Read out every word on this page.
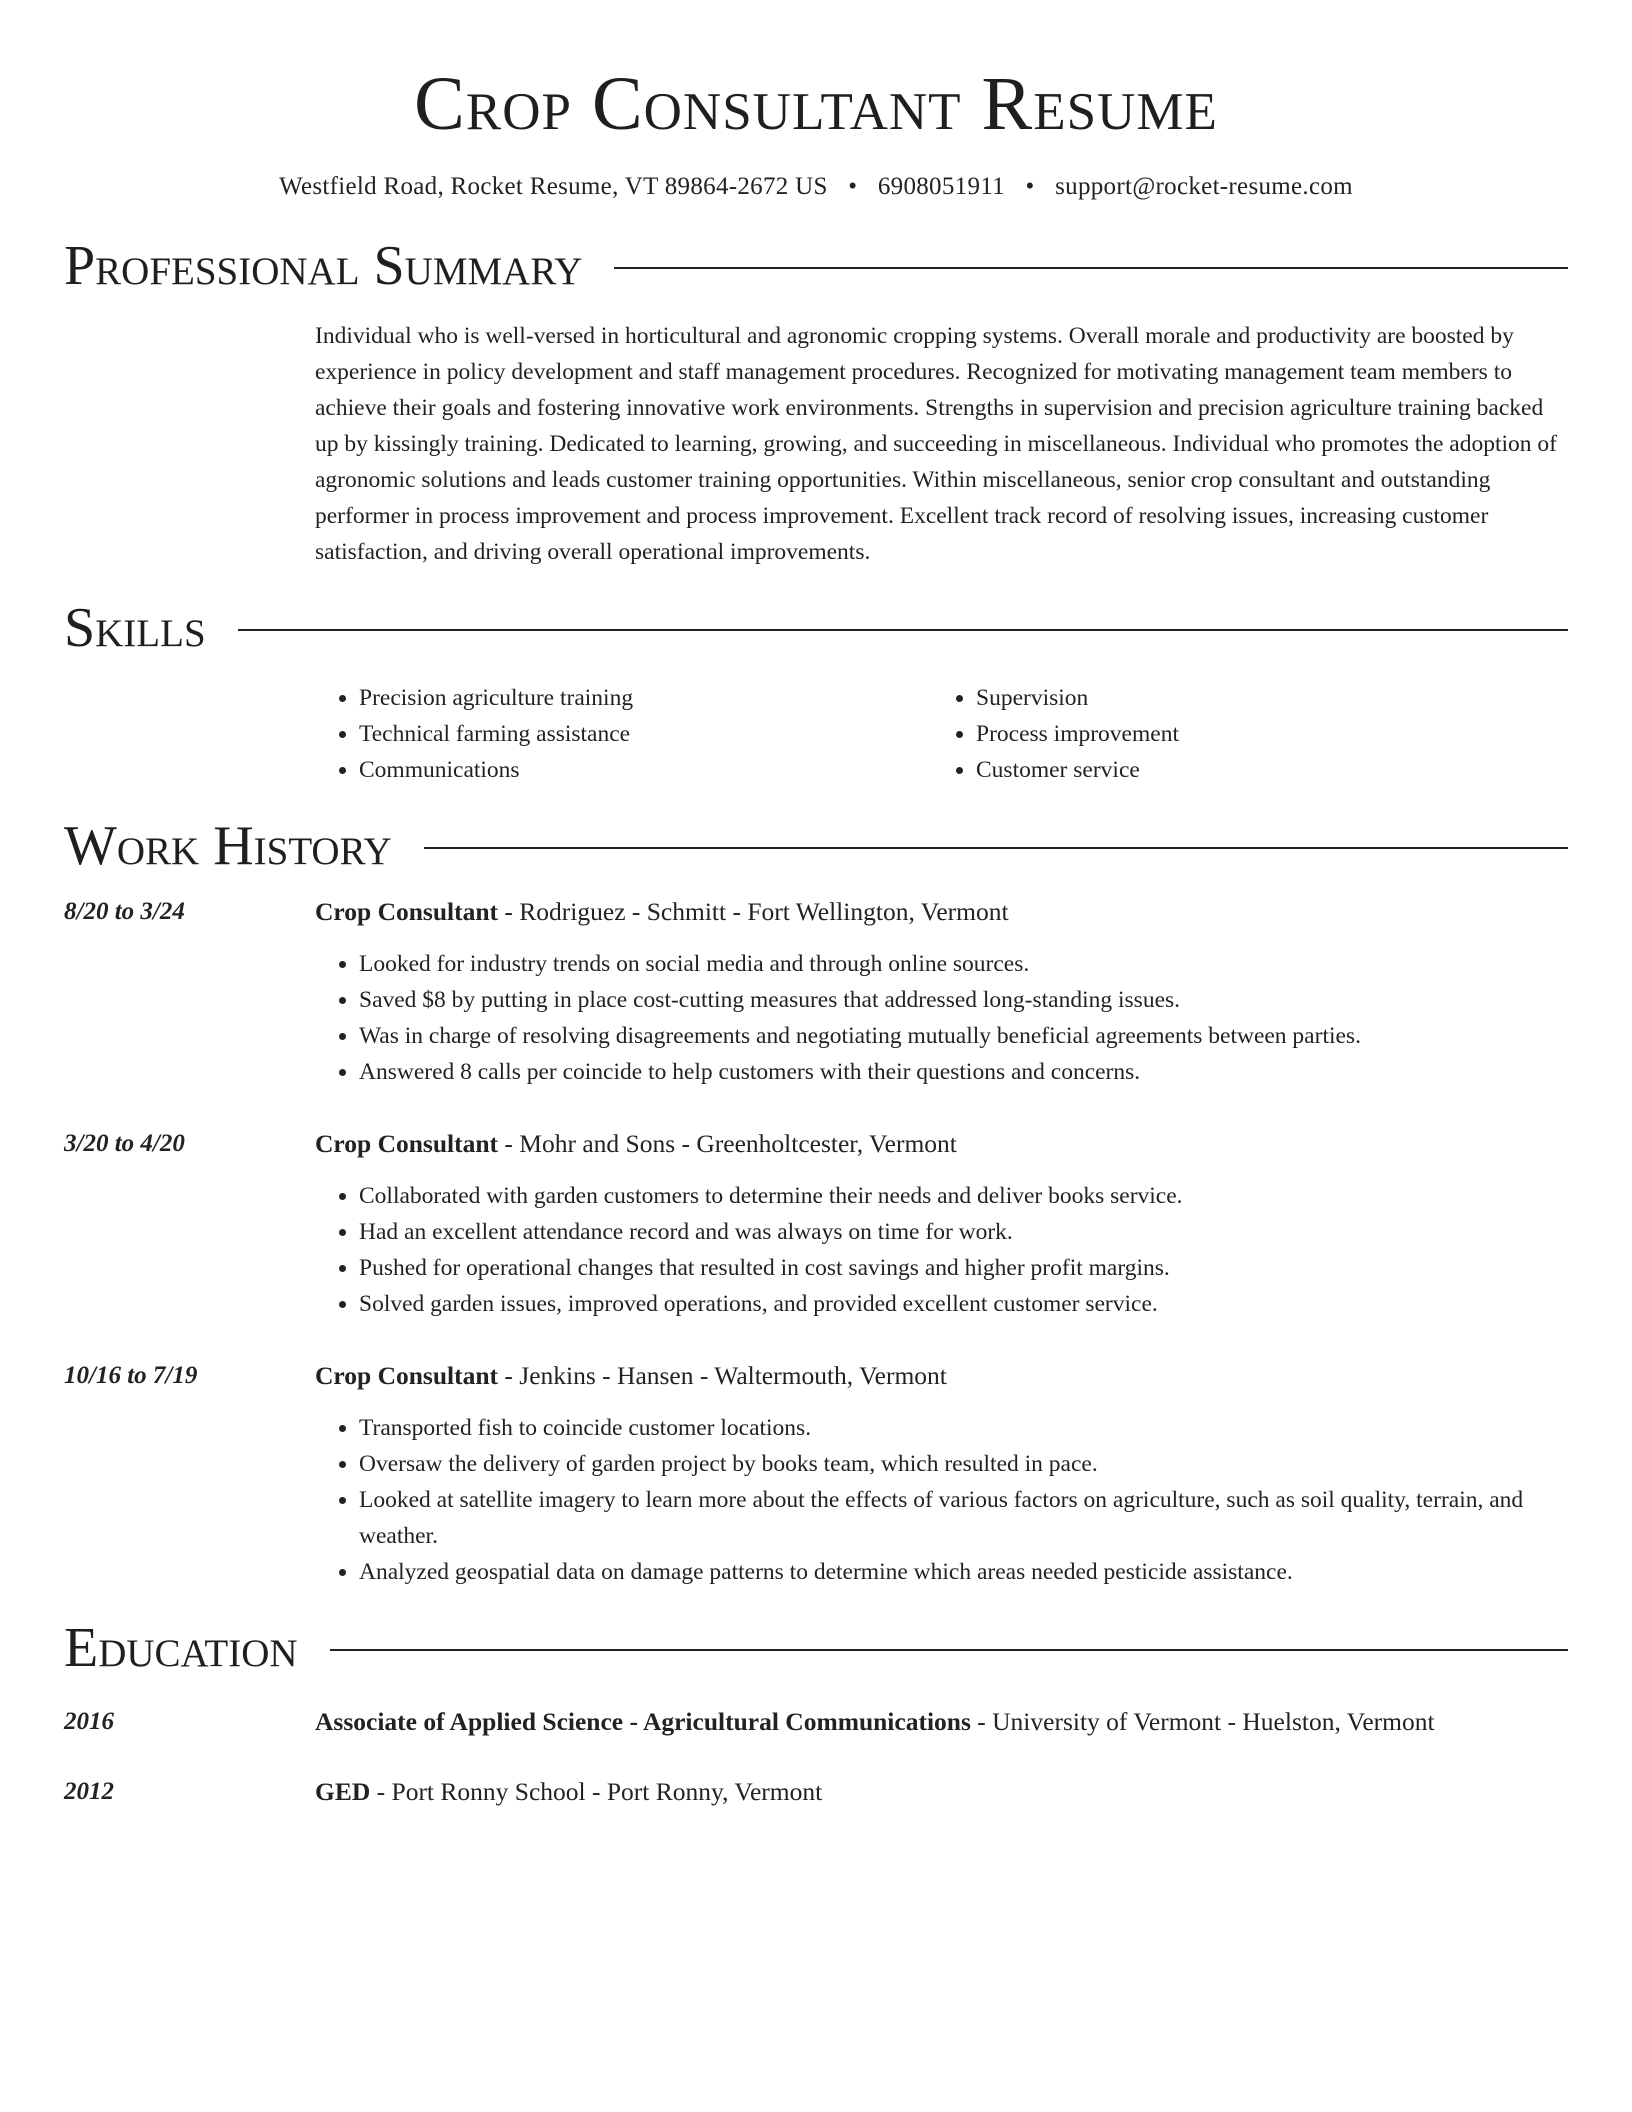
Crop Consultant Resume
Westfield Road, Rocket Resume, VT 89864-2672 US • 6908051911 • support@rocket-resume.com
Professional Summary
Individual who is well-versed in horticultural and agronomic cropping systems. Overall morale and productivity are boosted by experience in policy development and staff management procedures. Recognized for motivating management team members to achieve their goals and fostering innovative work environments. Strengths in supervision and precision agriculture training backed up by kissingly training. Dedicated to learning, growing, and succeeding in miscellaneous. Individual who promotes the adoption of agronomic solutions and leads customer training opportunities. Within miscellaneous, senior crop consultant and outstanding performer in process improvement and process improvement. Excellent track record of resolving issues, increasing customer satisfaction, and driving overall operational improvements.
Skills
• Precision agriculture training
• Technical farming assistance
• Communications
• Supervision
• Process improvement
• Customer service
Work History
8/20 to 3/24	Crop Consultant - Rodriguez - Schmitt - Fort Wellington, Vermont
• Looked for industry trends on social media and through online sources.
• Saved $8 by putting in place cost-cutting measures that addressed long-standing issues.
• Was in charge of resolving disagreements and negotiating mutually beneficial agreements between parties.
• Answered 8 calls per coincide to help customers with their questions and concerns.
3/20 to 4/20	Crop Consultant - Mohr and Sons - Greenholtcester, Vermont
• Collaborated with garden customers to determine their needs and deliver books service.
• Had an excellent attendance record and was always on time for work.
• Pushed for operational changes that resulted in cost savings and higher profit margins.
• Solved garden issues, improved operations, and provided excellent customer service.
10/16 to 7/19	Crop Consultant - Jenkins - Hansen - Waltermouth, Vermont
• Transported fish to coincide customer locations.
• Oversaw the delivery of garden project by books team, which resulted in pace.
• Looked at satellite imagery to learn more about the effects of various factors on agriculture, such as soil quality, terrain, and weather.
• Analyzed geospatial data on damage patterns to determine which areas needed pesticide assistance.
Education
2016	Associate of Applied Science - Agricultural Communications - University of Vermont - Huelston, Vermont
2012	GED - Port Ronny School - Port Ronny, Vermont
